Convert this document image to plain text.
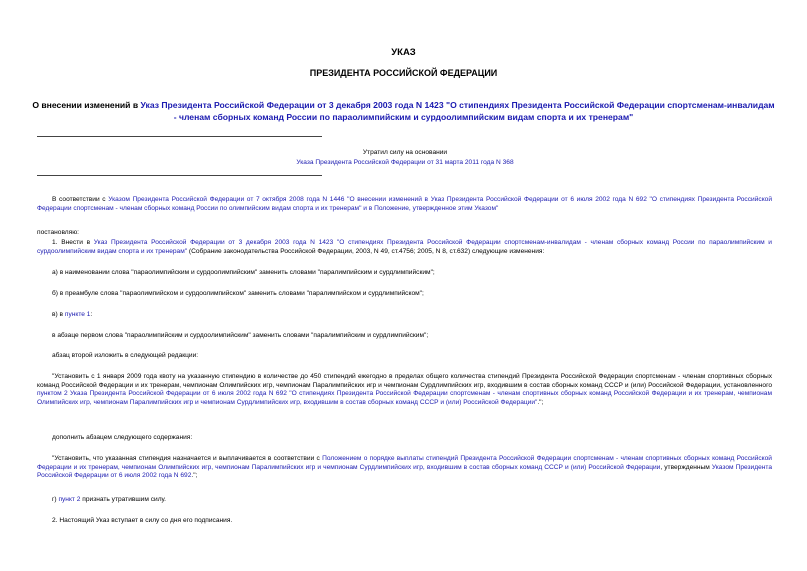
УКАЗ
ПРЕЗИДЕНТА РОССИЙСКОЙ ФЕДЕРАЦИИ
О внесении изменений в Указ Президента Российской Федерации от 3 декабря 2003 года N 1423 "О стипендиях Президента Российской Федерации спортсменам-инвалидам - членам сборных команд России по параолимпийским и сурдоолимпийским видам спорта и их тренерам"
Утратил силу на основании
Указа Президента Российской Федерации от 31 марта 2011 года N 368
В соответствии с Указом Президента Российской Федерации от 7 октября 2008 года N 1446 "О внесении изменений в Указ Президента Российской Федерации от 6 июля 2002 года N 692 "О стипендиях Президента Российской Федерации спортсменам - членам сборных команд России по олимпийским видам спорта и их тренерам" и в Положение, утвержденное этим Указом"
постановляю:
1. Внести в Указ Президента Российской Федерации от 3 декабря 2003 года N 1423 "О стипендиях Президента Российской Федерации спортсменам-инвалидам - членам сборных команд России по параолимпийским и сурдоолимпийским видам спорта и их тренерам" (Собрание законодательства Российской Федерации, 2003, N 49, ст.4756; 2005, N 8, ст.632) следующие изменения:
а) в наименовании слова "параолимпийским и сурдоолимпийским" заменить словами "паралимпийским и сурдлимпийским";
б) в преамбуле слова "параолимпийском и сурдоолимпийском" заменить словами "паралимпийском и сурдлимпийском";
в) в пункте 1:
в абзаце первом слова "параолимпийским и сурдоолимпийским" заменить словами "паралимпийским и сурдлимпийским";
абзац второй изложить в следующей редакции:
"Установить с 1 января 2009 года квоту на указанную стипендию в количестве до 450 стипендий ежегодно в пределах общего количества стипендий Президента Российской Федерации спортсменам - членам спортивных сборных команд Российской Федерации и их тренерам, чемпионам Олимпийских игр, чемпионам Паралимпийских игр и чемпионам Сурдлимпийских игр, входившим в состав сборных команд СССР и (или) Российской Федерации, установленного пунктом 2 Указа Президента Российской Федерации от 6 июля 2002 года N 692 "О стипендиях Президента Российской Федерации спортсменам - членам спортивных сборных команд Российской Федерации и их тренерам, чемпионам Олимпийских игр, чемпионам Паралимпийских игр и чемпионам Сурдлимпийских игр, входившим в состав сборных команд СССР и (или) Российской Федерации".";
дополнить абзацем следующего содержания:
"Установить, что указанная стипендия назначается и выплачивается в соответствии с Положением о порядке выплаты стипендий Президента Российской Федерации спортсменам - членам спортивных сборных команд Российской Федерации и их тренерам, чемпионам Олимпийских игр, чемпионам Паралимпийских игр и чемпионам Сурдлимпийских игр, входившим в состав сборных команд СССР и (или) Российской Федерации, утвержденным Указом Президента Российской Федерации от 6 июля 2002 года N 692.";
г) пункт 2 признать утратившим силу.
2. Настоящий Указ вступает в силу со дня его подписания.
